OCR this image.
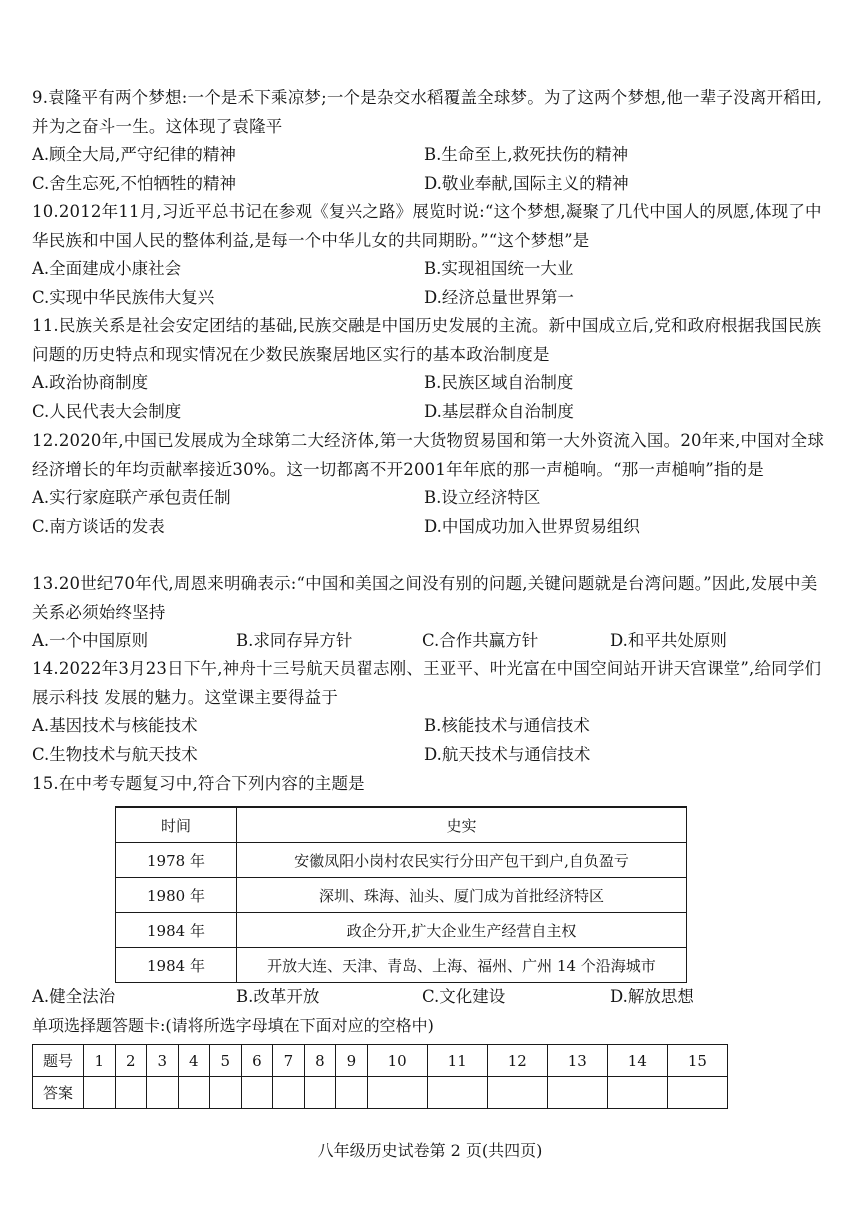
9.袁隆平有两个梦想:一个是禾下乘凉梦;一个是杂交水稻覆盖全球梦。为了这两个梦想,他一辈子没离开稻田,并为之奋斗一生。这体现了袁隆平

A.顾全大局,严守纪律的精神	B.生命至上,救死扶伤的精神
C.舍生忘死,不怕牺牲的精神	D.敬业奉献,国际主义的精神

10.2012年11月,习近平总书记在参观《复兴之路》展览时说:“这个梦想,凝聚了几代中国人的夙愿,体现了中华民族和中国人民的整体利益,是每一个中华儿女的共同期盼。”“这个梦想”是

A.全面建成小康社会	B.实现祖国统一大业
C.实现中华民族伟大复兴	D.经济总量世界第一

11.民族关系是社会安定团结的基础,民族交融是中国历史发展的主流。新中国成立后,党和政府根据我国民族问题的历史特点和现实情况在少数民族聚居地区实行的基本政治制度是

A.政治协商制度	B.民族区域自治制度
C.人民代表大会制度	D.基层群众自治制度

12.2020年,中国已发展成为全球第二大经济体,第一大货物贸易国和第一大外资流入国。20年来,中国对全球经济增长的年均贡献率接近30%。这一切都离不开2001年年底的那一声槌响。“那一声槌响”指的是

A.实行家庭联产承包责任制	B.设立经济特区
C.南方谈话的发表	D.中国成功加入世界贸易组织

13.20世纪70年代,周恩来明确表示:“中国和美国之间没有别的问题,关键问题就是台湾问题。”因此,发展中美关系必须始终坚持

A.一个中国原则	B.求同存异方针	C.合作共赢方针	D.和平共处原则

14.2022年3月23日下午,神舟十三号航天员翟志刚、王亚平、叶光富在中国空间站开讲天宫课堂”,给同学们展示科技 发展的魅力。这堂课主要得益于

A.基因技术与核能技术	B.核能技术与通信技术
C.生物技术与航天技术	D.航天技术与通信技术

15.在中考专题复习中,符合下列内容的主题是

时间	史实
1978 年	安徽凤阳小岗村农民实行分田产包干到户,自负盈亏
1980 年	深圳、珠海、汕头、厦门成为首批经济特区
1984 年	政企分开,扩大企业生产经营自主权
1984 年	开放大连、天津、青岛、上海、福州、广州 14 个沿海城市
A.健全法治	B.改革开放	C.文化建设	D.解放思想
单项选择题答题卡:(请将所选字母填在下面对应的空格中)
题号	1	2	3	4	5	6	7	8	9	10	11	12	13	14	15
答案															
八年级历史试卷第 2 页(共四页)
